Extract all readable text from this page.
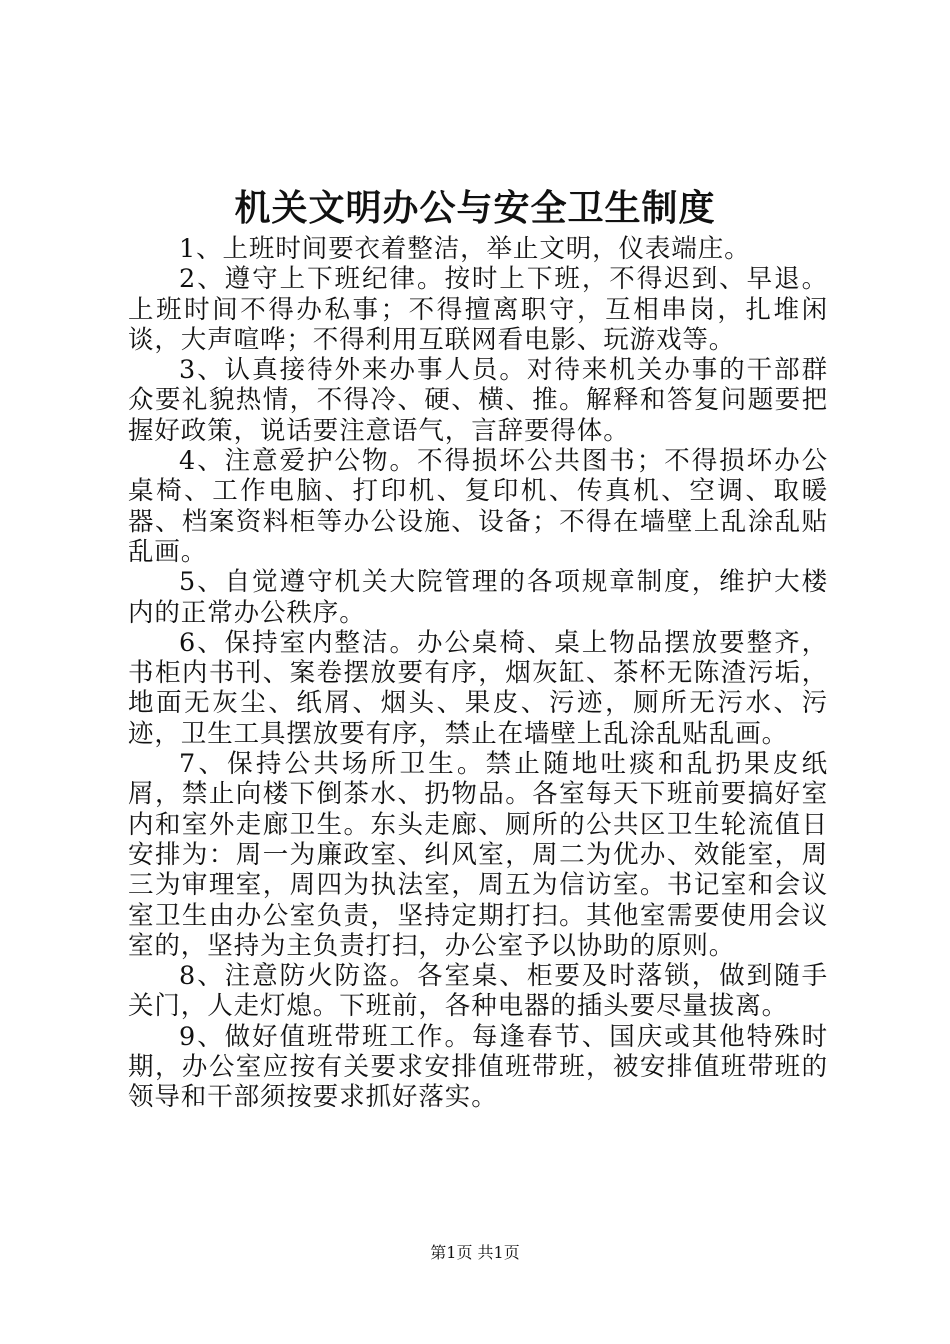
机关文明办公与安全卫生制度

1、上班时间要衣着整洁，举止文明，仪表端庄。

2、遵守上下班纪律。按时上下班，不得迟到、早退。上班时间不得办私事；不得擅离职守，互相串岗，扎堆闲谈，大声喧哗；不得利用互联网看电影、玩游戏等。

3、认真接待外来办事人员。对待来机关办事的干部群众要礼貌热情，不得冷、硬、横、推。解释和答复问题要把握好政策，说话要注意语气，言辞要得体。

4、注意爱护公物。不得损坏公共图书；不得损坏办公桌椅、工作电脑、打印机、复印机、传真机、空调、取暖器、档案资料柜等办公设施、设备；不得在墙壁上乱涂乱贴乱画。

5、自觉遵守机关大院管理的各项规章制度，维护大楼内的正常办公秩序。

6、保持室内整洁。办公桌椅、桌上物品摆放要整齐，书柜内书刊、案卷摆放要有序，烟灰缸、茶杯无陈渣污垢，地面无灰尘、纸屑、烟头、果皮、污迹，厕所无污水、污迹，卫生工具摆放要有序，禁止在墙壁上乱涂乱贴乱画。

7、保持公共场所卫生。禁止随地吐痰和乱扔果皮纸屑，禁止向楼下倒茶水、扔物品。各室每天下班前要搞好室内和室外走廊卫生。东头走廊、厕所的公共区卫生轮流值日安排为：周一为廉政室、纠风室，周二为优办、效能室，周三为审理室，周四为执法室，周五为信访室。书记室和会议室卫生由办公室负责，坚持定期打扫。其他室需要使用会议室的，坚持为主负责打扫，办公室予以协助的原则。

8、注意防火防盗。各室桌、柜要及时落锁，做到随手关门，人走灯熄。下班前，各种电器的插头要尽量拔离。

9、做好值班带班工作。每逢春节、国庆或其他特殊时期，办公室应按有关要求安排值班带班，被安排值班带班的领导和干部须按要求抓好落实。

第1页 共1页
